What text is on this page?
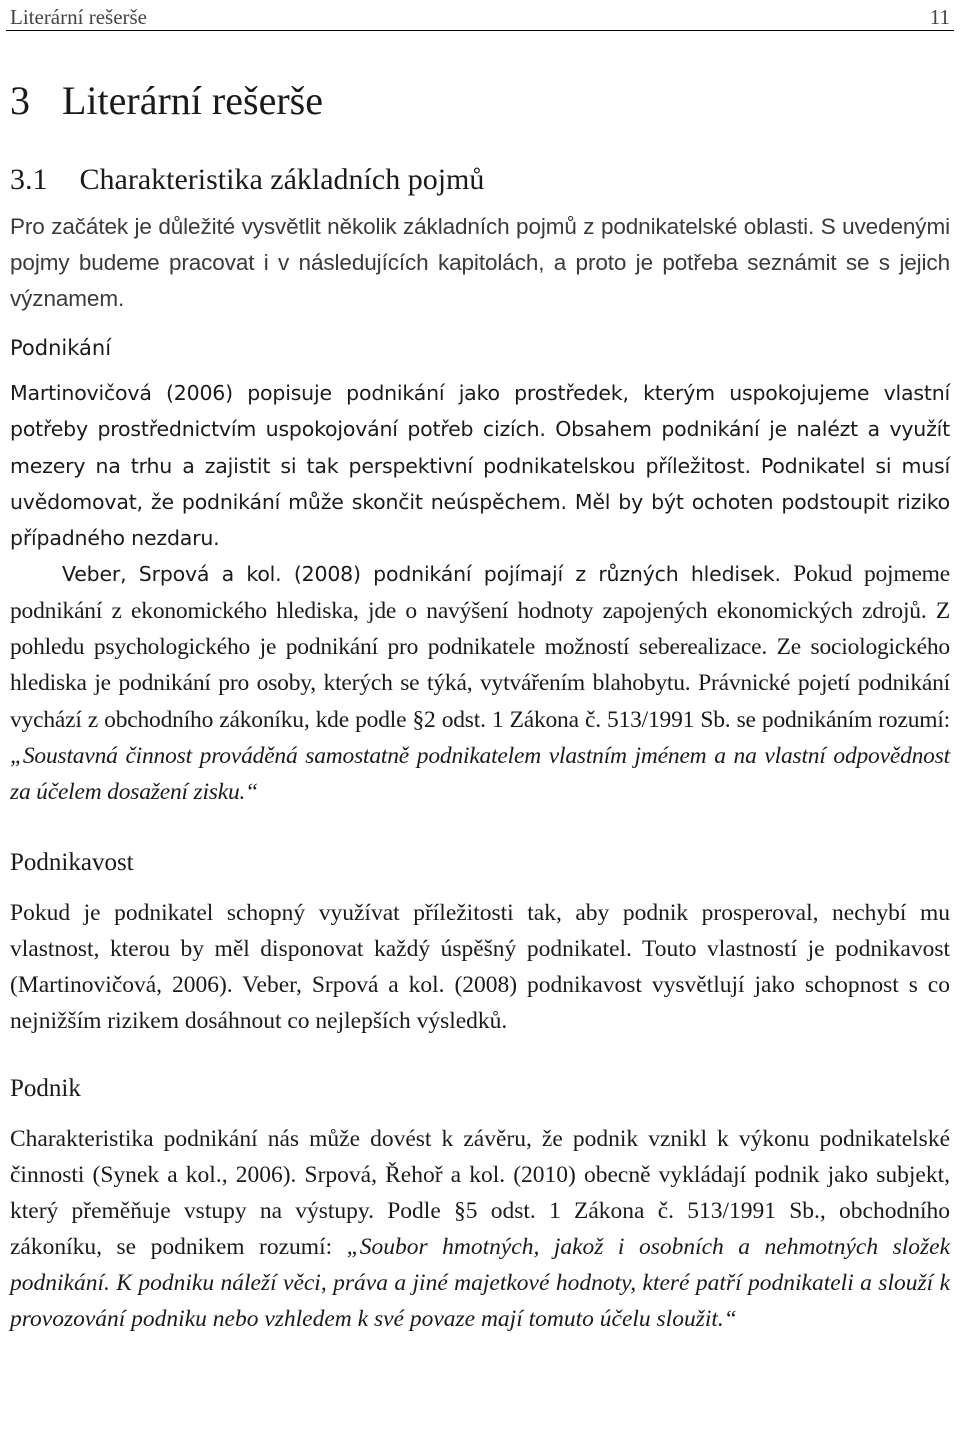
Literární rešerše	11
3 Literární rešerše
3.1 Charakteristika základních pojmů

Pro začátek je důležité vysvětlit několik základních pojmů z podnikatelské oblasti. S uvedenými pojmy budeme pracovat i v následujících kapitolách, a proto je potřeba seznámit se s jejich významem.

Podnikání

Martinovičová (2006) popisuje podnikání jako prostředek, kterým uspokojujeme vlastní potřeby prostřednictvím uspokojování potřeb cizích. Obsahem podnikání je nalézt a využít mezery na trhu a zajistit si tak perspektivní podnikatelskou příležitost. Podnikatel si musí uvědomovat, že podnikání může skončit neúspěchem. Měl by být ochoten podstoupit riziko případného nezdaru.
Veber, Srpová a kol. (2008) podnikání pojímají z různých hledisek. Pokud pojmeme podnikání z ekonomického hlediska, jde o navýšení hodnoty zapojených ekonomických zdrojů. Z pohledu psychologického je podnikání pro podnikatele možností seberealizace. Ze sociologického hlediska je podnikání pro osoby, kterých se týká, vytvářením blahobytu. Právnické pojetí podnikání vychází z obchodního zákoníku, kde podle §2 odst. 1 Zákona č. 513/1991 Sb. se podnikáním rozumí: „Soustavná činnost prováděná samostatně podnikatelem vlastním jménem a na vlastní odpovědnost za účelem dosažení zisku.“

Podnikavost

Pokud je podnikatel schopný využívat příležitosti tak, aby podnik prosperoval, nechybí mu vlastnost, kterou by měl disponovat každý úspěšný podnikatel. Touto vlastností je podnikavost (Martinovičová, 2006). Veber, Srpová a kol. (2008) podnikavost vysvětlují jako schopnost s co nejnižším rizikem dosáhnout co nejlepších výsledků.

Podnik

Charakteristika podnikání nás může dovést k závěru, že podnik vznikl k výkonu podnikatelské činnosti (Synek a kol., 2006). Srpová, Řehoř a kol. (2010) obecně vykládají podnik jako subjekt, který přeměňuje vstupy na výstupy. Podle §5 odst. 1 Zákona č. 513/1991 Sb., obchodního zákoníku, se podnikem rozumí: „Soubor hmotných, jakož i osobních a nehmotných složek podnikání. K podniku náleží věci, práva a jiné majetkové hodnoty, které patří podnikateli a slouží k provozování podniku nebo vzhledem k své povaze mají tomuto účelu sloužit.“
